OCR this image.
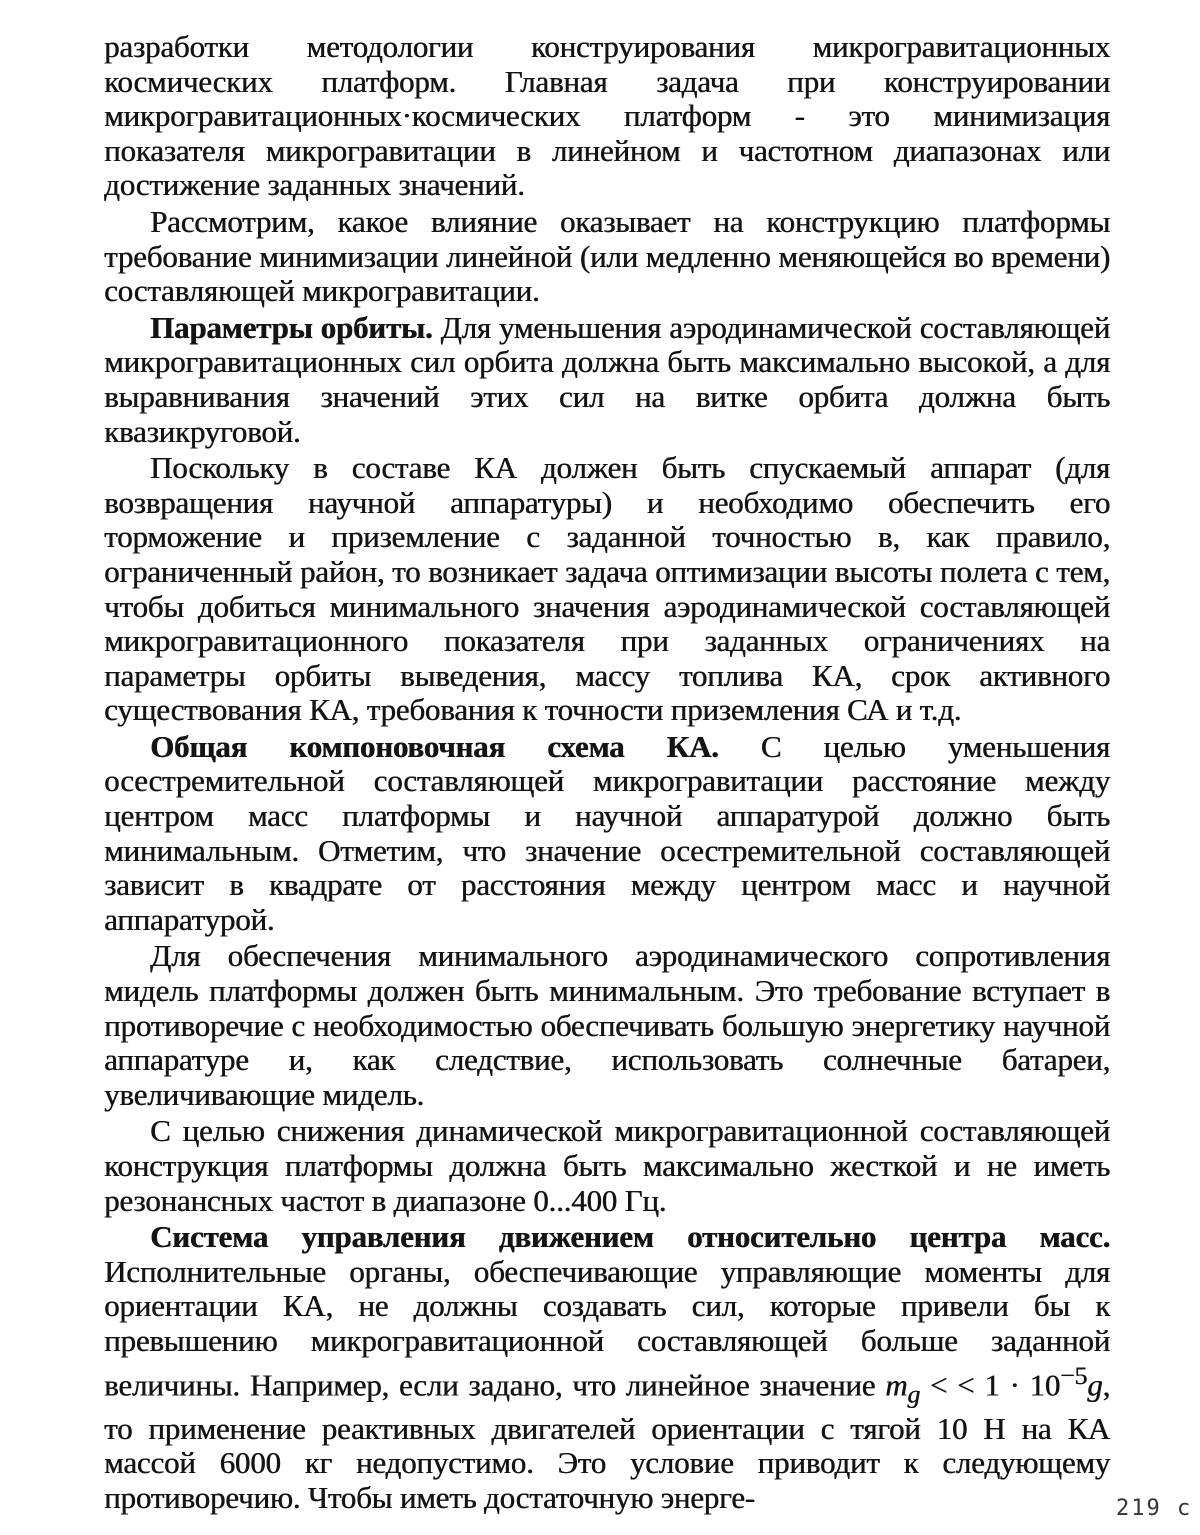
разработки методологии конструирования микрогравитационных космических платформ. Главная задача при конструировании микрогравитационных·космических платформ - это минимизация показателя микрогравитации в линейном и частотном диапазонах или достижение заданных значений.

Рассмотрим, какое влияние оказывает на конструкцию платформы требование минимизации линейной (или медленно меняющейся во времени) составляющей микрогравитации.

Параметры орбиты. Для уменьшения аэродинамической составляющей микрогравитационных сил орбита должна быть максимально высокой, а для выравнивания значений этих сил на витке орбита должна быть квазикруговой.

Поскольку в составе КА должен быть спускаемый аппарат (для возвращения научной аппаратуры) и необходимо обеспечить его торможение и приземление с заданной точностью в, как правило, ограниченный район, то возникает задача оптимизации высоты полета с тем, чтобы добиться минимального значения аэродинамической составляющей микрогравитационного показателя при заданных ограничениях на параметры орбиты выведения, массу топлива КА, срок активного существования КА, требования к точности приземления СА и т.д.

Общая компоновочная схема КА. С целью уменьшения осестремительной составляющей микрогравитации расстояние между центром масс платформы и научной аппаратурой должно быть минимальным. Отметим, что значение осестремительной составляющей зависит в квадрате от расстояния между центром масс и научной аппаратурой.

Для обеспечения минимального аэродинамического сопротивления мидель платформы должен быть минимальным. Это требование вступает в противоречие с необходимостью обеспечивать большую энергетику научной аппаратуре и, как следствие, использовать солнечные батареи, увеличивающие мидель.

С целью снижения динамической микрогравитационной составляющей конструкция платформы должна быть максимально жесткой и не иметь резонансных частот в диапазоне 0...400 Гц.

Система управления движением относительно центра масс. Исполнительные органы, обеспечивающие управляющие моменты для ориентации КА, не должны создавать сил, которые привели бы к превышению микрогравитационной составляющей больше заданной величины. Например, если задано, что линейное значение $m_g$ < < $1 \cdot 10^{-5}g$, то применение реактивных двигателей ориентации с тягой 10 Н на КА массой 6000 кг недопустимо. Это условие приводит к следующему противоречию. Чтобы иметь достаточную энерге-	219 с
